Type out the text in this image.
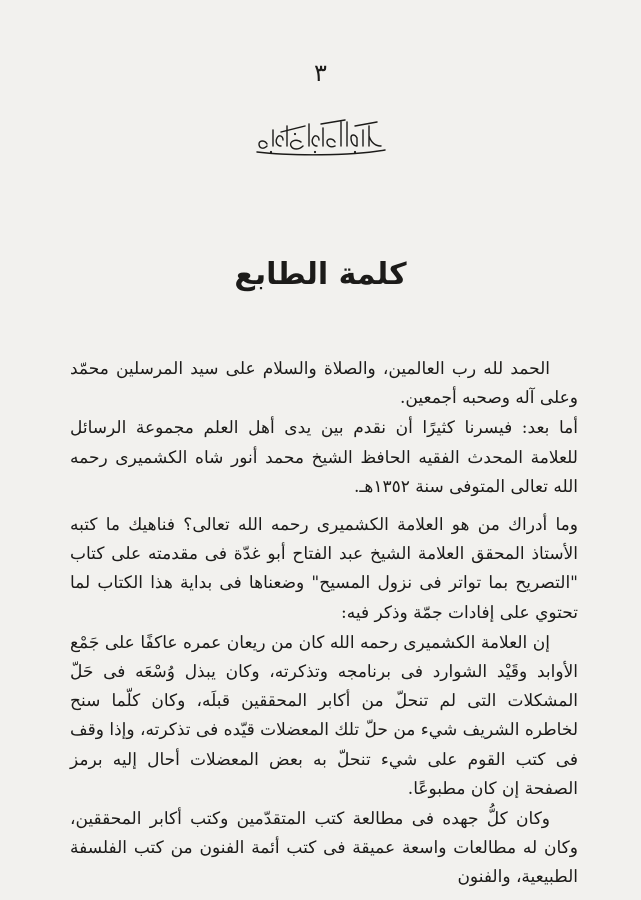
٣
كلمة الطابع

الحمد لله رب العالمين، والصلاة والسلام على سيد المرسلين محمّد وعلى آله وصحبه أجمعين.

أما بعد: فيسرنا كثيرًا أن نقدم بين يدى أهل العلم مجموعة الرسائل للعلامة المحدث الفقيه الحافظ الشيخ محمد أنور شاه الكشميرى رحمه الله تعالى المتوفى سنة ١٣٥٢هـ.

وما أدراك من هو العلامة الكشميرى رحمه الله تعالى؟ فناهيك ما كتبه الأستاذ المحقق العلامة الشيخ عبد الفتاح أبو غدّة فى مقدمته على كتاب "التصريح بما تواتر فى نزول المسيح" وضعناها فى بداية هذا الكتاب لما تحتوي على إفادات جمّة وذكر فيه:

إن العلامة الكشميرى رحمه الله كان من ريعان عمره عاكفًا على جَمْع الأوابد وقَيْد الشوارد فى برنامجه وتذكرته، وكان يبذل وُسْعَه فى حَلّ المشكلات التى لم تنحلّ من أكابر المحققين قبلَه، وكان كلّما سنح لخاطره الشريف شيء من حلّ تلك المعضلات قيّده فى تذكرته، وإذا وقف فى كتب القوم على شيء تنحلّ به بعض المعضلات أحال إليه برمز الصفحة إن كان مطبوعًا.

وكان كلُّ جهده فى مطالعة كتب المتقدّمين وكتب أكابر المحققين، وكان له مطالعات واسعة عميقة فى كتب أئمة الفنون من كتب الفلسفة الطبيعية، والفنون
